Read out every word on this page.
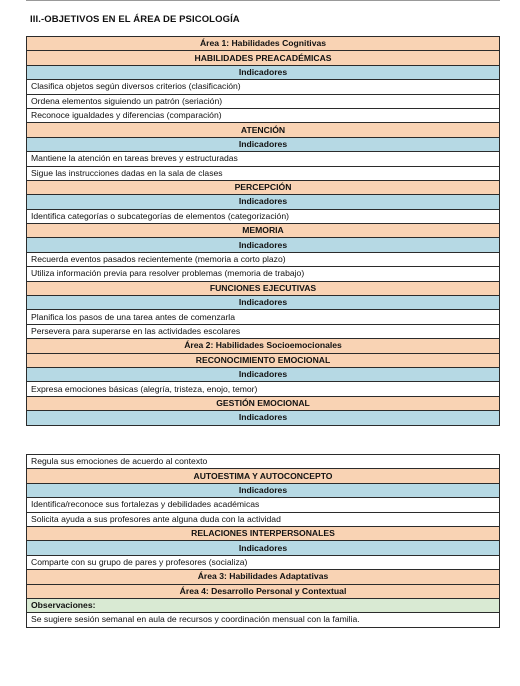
III.-OBJETIVOS EN EL ÁREA DE PSICOLOGÍA
Área 1: Habilidades Cognitivas
HABILIDADES PREACADÉMICAS
Indicadores
Clasifica objetos según diversos criterios (clasificación)
Ordena elementos siguiendo un patrón (seriación)
Reconoce igualdades y diferencias (comparación)
ATENCIÓN
Indicadores
Mantiene la atención en tareas breves y estructuradas
Sigue las instrucciones dadas en la sala de clases
PERCEPCIÓN
Indicadores
Identifica categorías o subcategorías de elementos (categorización)
MEMORIA
Indicadores
Recuerda eventos pasados recientemente (memoria a corto plazo)
Utiliza información previa para resolver problemas (memoria de trabajo)
FUNCIONES EJECUTIVAS
Indicadores
Planifica los pasos de una tarea antes de comenzarla
Persevera para superarse en las actividades escolares
Área 2: Habilidades Socioemocionales
RECONOCIMIENTO EMOCIONAL
Indicadores
Expresa emociones básicas (alegría, tristeza, enojo, temor)
GESTIÓN EMOCIONAL
Indicadores
Regula sus emociones de acuerdo al contexto
AUTOESTIMA Y AUTOCONCEPTO
Indicadores
Identifica/reconoce sus fortalezas y debilidades académicas
Solicita ayuda a sus profesores ante alguna duda con la actividad
RELACIONES INTERPERSONALES
Indicadores
Comparte con su grupo de pares y profesores (socializa)
Área 3: Habilidades Adaptativas
Área 4: Desarrollo Personal y Contextual
Observaciones:
Se sugiere sesión semanal en aula de recursos y coordinación mensual con la familia.
